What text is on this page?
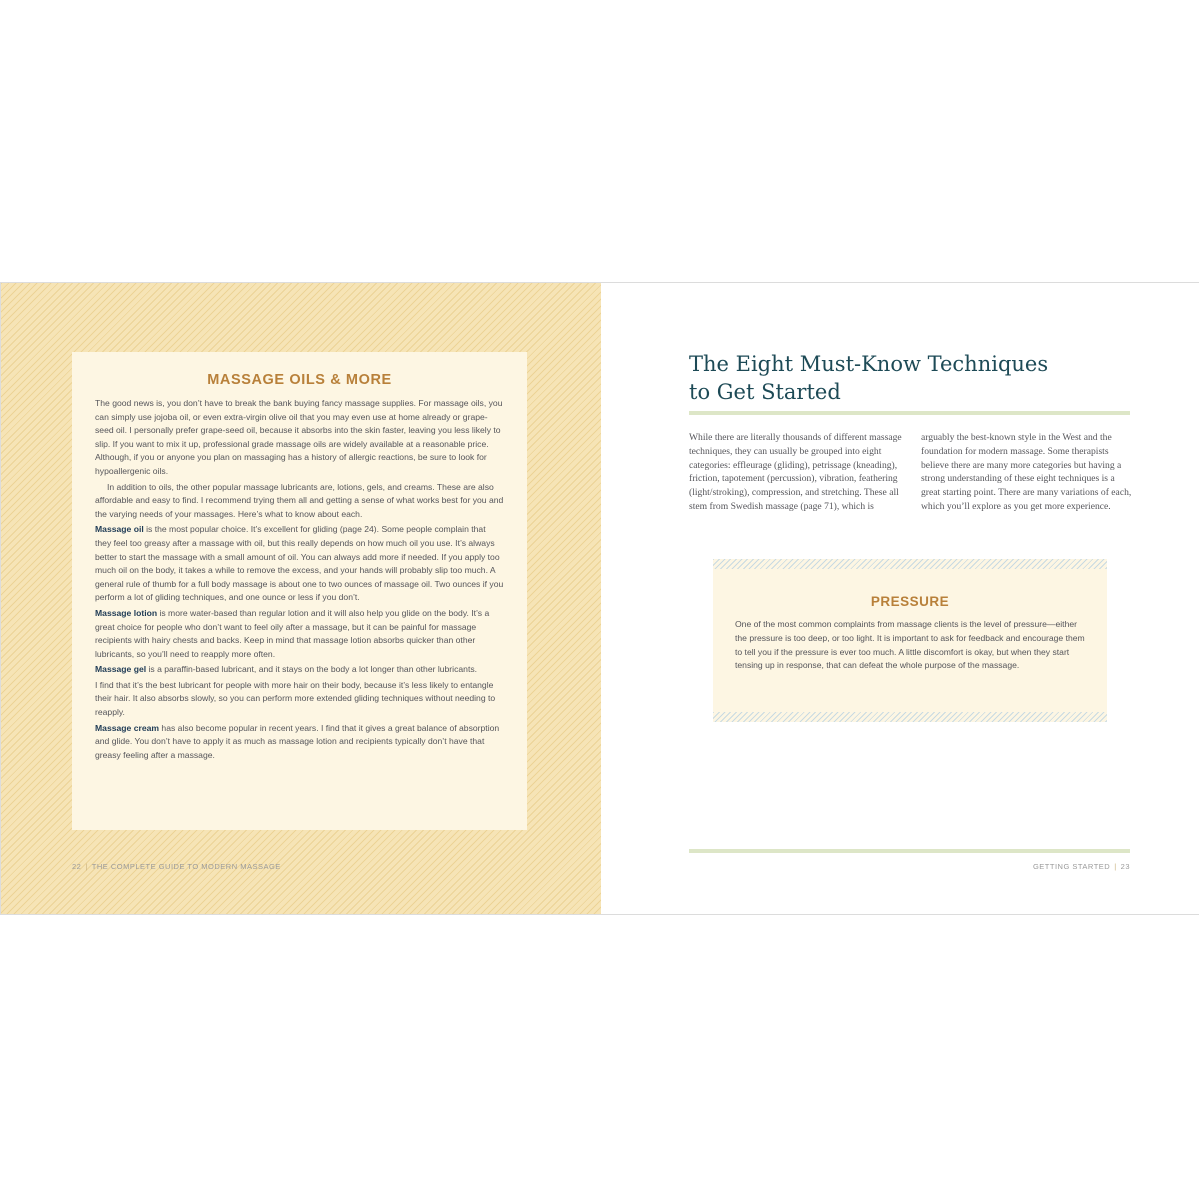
MASSAGE OILS & MORE

The good news is, you don’t have to break the bank buying fancy massage supplies. For massage oils, you can simply use jojoba oil, or even extra-virgin olive oil that you may even use at home already or grape-seed oil. I personally prefer grape-seed oil, because it absorbs into the skin faster, leaving you less likely to slip. If you want to mix it up, professional grade massage oils are widely available at a reasonable price. Although, if you or anyone you plan on massaging has a history of allergic reactions, be sure to look for hypoallergenic oils.

In addition to oils, the other popular massage lubricants are, lotions, gels, and creams. These are also affordable and easy to find. I recommend trying them all and getting a sense of what works best for you and the varying needs of your massages. Here’s what to know about each.

Massage oil is the most popular choice. It’s excellent for gliding (page 24). Some people complain that they feel too greasy after a massage with oil, but this really depends on how much oil you use. It’s always better to start the massage with a small amount of oil. You can always add more if needed. If you apply too much oil on the body, it takes a while to remove the excess, and your hands will probably slip too much. A general rule of thumb for a full body massage is about one to two ounces of massage oil. Two ounces if you perform a lot of gliding techniques, and one ounce or less if you don’t.

Massage lotion is more water-based than regular lotion and it will also help you glide on the body. It’s a great choice for people who don’t want to feel oily after a massage, but it can be painful for massage recipients with hairy chests and backs. Keep in mind that massage lotion absorbs quicker than other lubricants, so you’ll need to reapply more often.

Massage gel is a paraffin-based lubricant, and it stays on the body a lot longer than other lubricants.

I find that it’s the best lubricant for people with more hair on their body, because it’s less likely to entangle their hair. It also absorbs slowly, so you can perform more extended gliding techniques without needing to reapply.

Massage cream has also become popular in recent years. I find that it gives a great balance of absorption and glide. You don’t have to apply it as much as massage lotion and recipients typically don’t have that greasy feeling after a massage.

22 | THE COMPLETE GUIDE TO MODERN MASSAGE
The Eight Must-Know Techniques
to Get Started
While there are literally thousands of different massage techniques, they can usually be grouped into eight categories: effleurage (gliding), petrissage (kneading), friction, tapotement (percussion), vibration, feathering (light/stroking), compression, and stretching. These all stem from Swedish massage (page 71), which is
arguably the best-known style in the West and the foundation for modern massage. Some therapists believe there are many more categories but having a strong understanding of these eight techniques is a great starting point. There are many variations of each, which you’ll explore as you get more experience.
PRESSURE
One of the most common complaints from massage clients is the level of pressure—either the pressure is too deep, or too light. It is important to ask for feedback and encourage them to tell you if the pressure is ever too much. A little discomfort is okay, but when they start tensing up in response, that can defeat the whole purpose of the massage.
GETTING STARTED | 23
